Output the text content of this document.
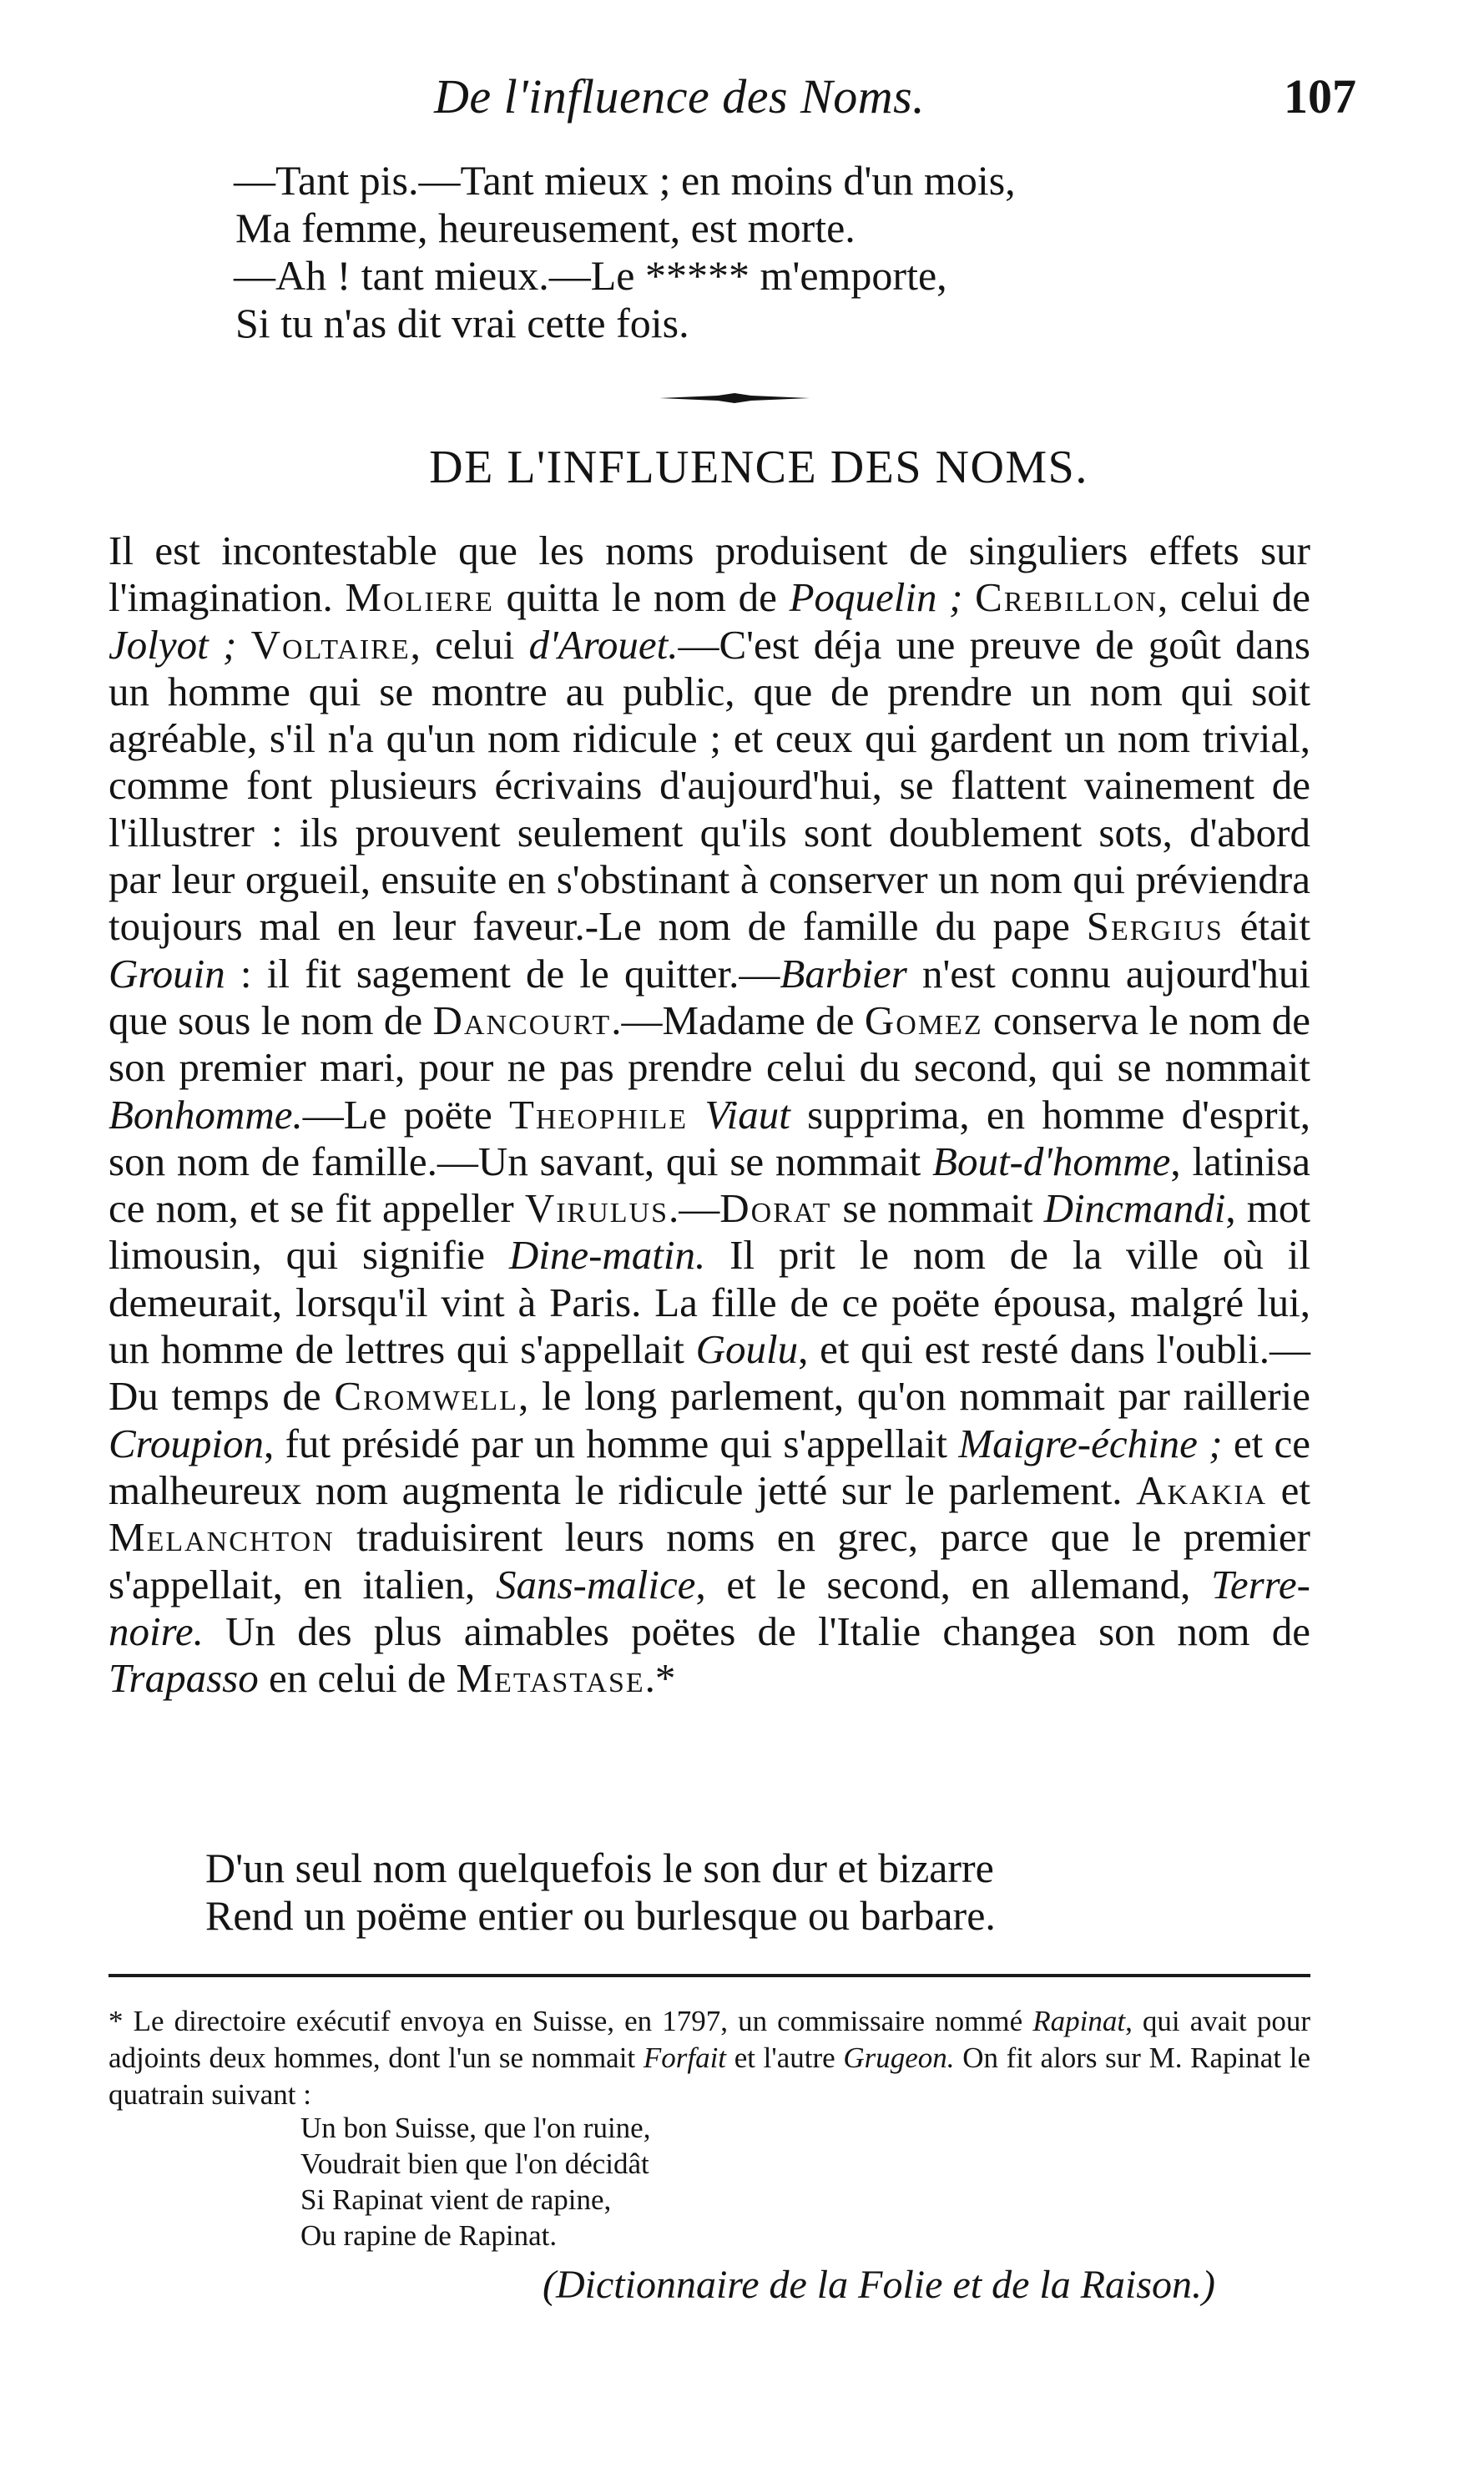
De l'influence des Noms.	107
—Tant pis.—Tant mieux ; en moins d'un mois,
Ma femme, heureusement, est morte.
—Ah ! tant mieux.—Le ***** m'emporte,
Si tu n'as dit vrai cette fois.
DE L'INFLUENCE DES NOMS.
Il est incontestable que les noms produisent de singuliers effets sur l'imagination. Moliere quitta le nom de Poquelin ; Crebillon, celui de Jolyot ; Voltaire, celui d'Arouet.—C'est déja une preuve de goût dans un homme qui se montre au public, que de prendre un nom qui soit agréable, s'il n'a qu'un nom ridicule ; et ceux qui gardent un nom trivial, comme font plusieurs écrivains d'aujourd'hui, se flattent vainement de l'illustrer : ils prouvent seulement qu'ils sont doublement sots, d'abord par leur orgueil, ensuite en s'obstinant à conserver un nom qui préviendra toujours mal en leur faveur.-Le nom de famille du pape Sergius était Grouin : il fit sagement de le quitter.—Barbier n'est connu aujourd'hui que sous le nom de Dancourt.—Madame de Gomez conserva le nom de son premier mari, pour ne pas prendre celui du second, qui se nommait Bonhomme.—Le poëte Theophile Viaut supprima, en homme d'esprit, son nom de famille.—Un savant, qui se nommait Bout-d'homme, latinisa ce nom, et se fit appeller Virulus.—Dorat se nommait Dincmandi, mot limousin, qui signifie Dine-matin. Il prit le nom de la ville où il demeurait, lorsqu'il vint à Paris. La fille de ce poëte épousa, malgré lui, un homme de lettres qui s'appellait Goulu, et qui est resté dans l'oubli.—Du temps de Cromwell, le long parlement, qu'on nommait par raillerie Croupion, fut présidé par un homme qui s'appellait Maigre-échine ; et ce malheureux nom augmenta le ridicule jetté sur le parlement. Akakia et Melanchton traduisirent leurs noms en grec, parce que le premier s'appellait, en italien, Sans-malice, et le second, en allemand, Terre-noire. Un des plus aimables poëtes de l'Italie changea son nom de Trapasso en celui de Metastase.*
D'un seul nom quelquefois le son dur et bizarre
Rend un poëme entier ou burlesque ou barbare.
* Le directoire exécutif envoya en Suisse, en 1797, un commissaire nommé Rapinat, qui avait pour adjoints deux hommes, dont l'un se nommait Forfait et l'autre Grugeon. On fit alors sur M. Rapinat le quatrain suivant :
Un bon Suisse, que l'on ruine,
Voudrait bien que l'on décidât
Si Rapinat vient de rapine,
Ou rapine de Rapinat.
(Dictionnaire de la Folie et de la Raison.)
